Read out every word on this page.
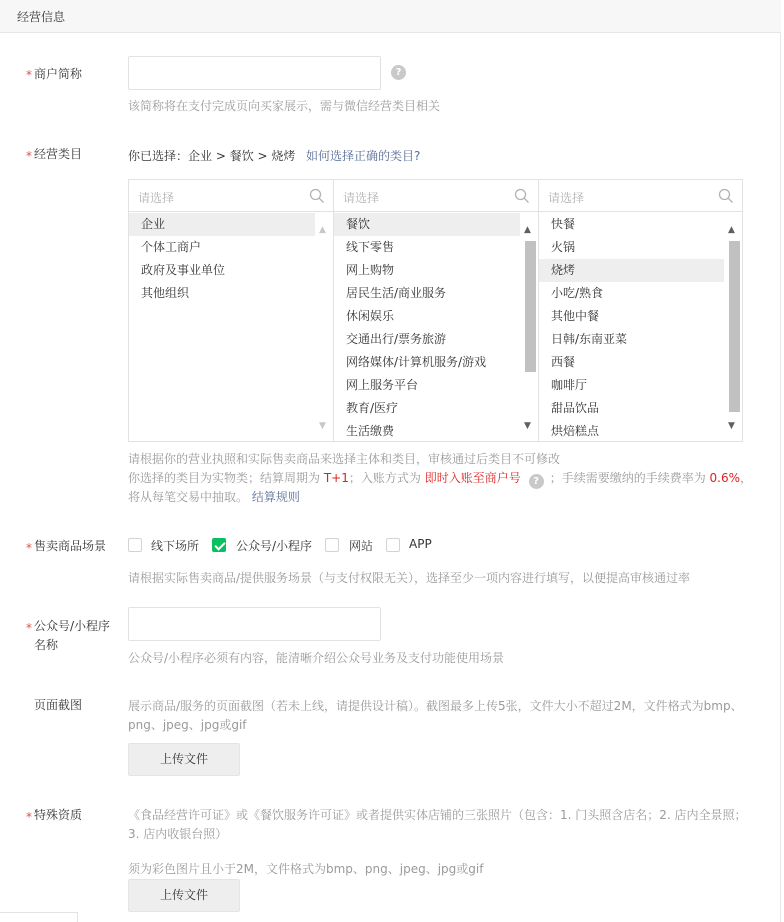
经营信息
* 商户简称	?
该简称将在支付完成页向买家展示，需与微信经营类目相关
* 经营类目	你已选择：企业 > 餐饮 > 烧烤 如何选择正确的类目?
请选择
企业
个体工商户
政府及事业单位
其他组织
▲
▼
请选择
餐饮
线下零售
网上购物
居民生活/商业服务
休闲娱乐
交通出行/票务旅游
网络媒体/计算机服务/游戏
网上服务平台
教育/医疗
生活缴费
▲
▼
请选择
快餐
火锅
烧烤
小吃/熟食
其他中餐
日韩/东南亚菜
西餐
咖啡厅
甜品饮品
烘焙糕点
▲
▼
请根据你的营业执照和实际售卖商品来选择主体和类目，审核通过后类目不可修改
你选择的类目为实物类；结算周期为 T+1；入账方式为 即时入账至商户号 ? ；手续需要缴纳的手续费率为 0.6%，
将从每笔交易中抽取。 结算规则
* 售卖商品场景	线下场所	公众号/小程序	网站	APP
请根据实际售卖商品/提供服务场景（与支付权限无关），选择至少一项内容进行填写，以便提高审核通过率
* 公众号/小程序
名称
公众号/小程序必须有内容，能清晰介绍公众号业务及支付功能使用场景
页面截图	展示商品/服务的页面截图（若未上线，请提供设计稿）。截图最多上传5张，文件大小不超过2M，文件格式为bmp、
png、jpeg、jpg或gif
上传文件
* 特殊资质	《食品经营许可证》或《餐饮服务许可证》或者提供实体店铺的三张照片（包含：1. 门头照含店名；2. 店内全景照；
3. 店内收银台照）
须为彩色图片且小于2M，文件格式为bmp、png、jpeg、jpg或gif
上传文件
